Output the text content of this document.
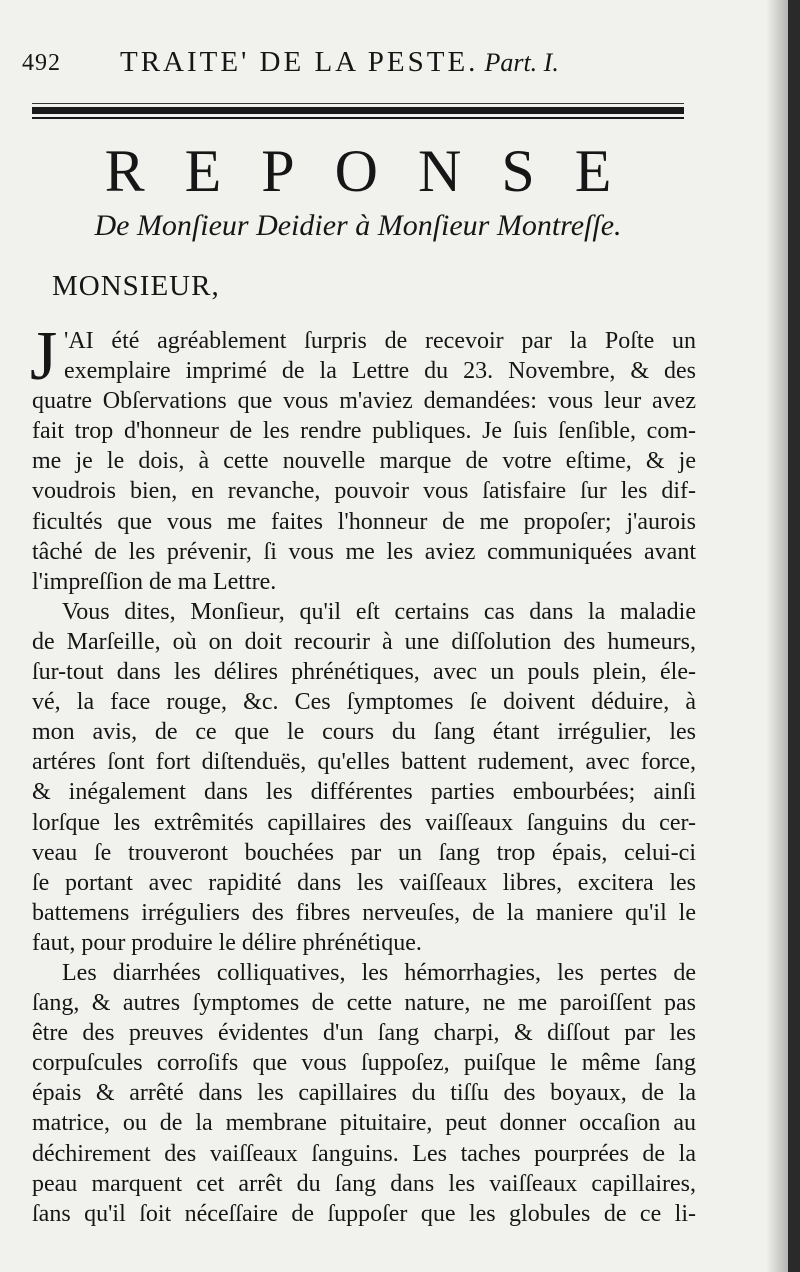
492 TRAITE' DE LA PESTE. Part. I.
REPONSE
De Monſieur Deidier à Monſieur Montreſſe.
MONSIEUR,
J 'AI été agréablement ſurpris de recevoir par la Poſte un
exemplaire imprimé de la Lettre du 23. Novembre, & des
quatre Obſervations que vous m'aviez demandées: vous leur avez
fait trop d'honneur de les rendre publiques. Je ſuis ſenſible, com-
me je le dois, à cette nouvelle marque de votre eſtime, & je
voudrois bien, en revanche, pouvoir vous ſatisfaire ſur les dif-
ficultés que vous me faites l'honneur de me propoſer; j'aurois
tâché de les prévenir, ſi vous me les aviez communiquées avant
l'impreſſion de ma Lettre.
Vous dites, Monſieur, qu'il eſt certains cas dans la maladie
de Marſeille, où on doit recourir à une diſſolution des humeurs,
ſur-tout dans les délires phrénétiques, avec un pouls plein, éle-
vé, la face rouge, &c. Ces ſymptomes ſe doivent déduire, à
mon avis, de ce que le cours du ſang étant irrégulier, les
artéres ſont fort diſtenduës, qu'elles battent rudement, avec force,
& inégalement dans les différentes parties embourbées; ainſi
lorſque les extrêmités capillaires des vaiſſeaux ſanguins du cer-
veau ſe trouveront bouchées par un ſang trop épais, celui-ci
ſe portant avec rapidité dans les vaiſſeaux libres, excitera les
battemens irréguliers des fibres nerveuſes, de la maniere qu'il le
faut, pour produire le délire phrénétique.
Les diarrhées colliquatives, les hémorrhagies, les pertes de
ſang, & autres ſymptomes de cette nature, ne me paroiſſent pas
être des preuves évidentes d'un ſang charpi, & diſſout par les
corpuſcules corroſifs que vous ſuppoſez, puiſque le même ſang
épais & arrêté dans les capillaires du tiſſu des boyaux, de la
matrice, ou de la membrane pituitaire, peut donner occaſion au
déchirement des vaiſſeaux ſanguins. Les taches pourprées de la
peau marquent cet arrêt du ſang dans les vaiſſeaux capillaires,
ſans qu'il ſoit néceſſaire de ſuppoſer que les globules de ce li-
